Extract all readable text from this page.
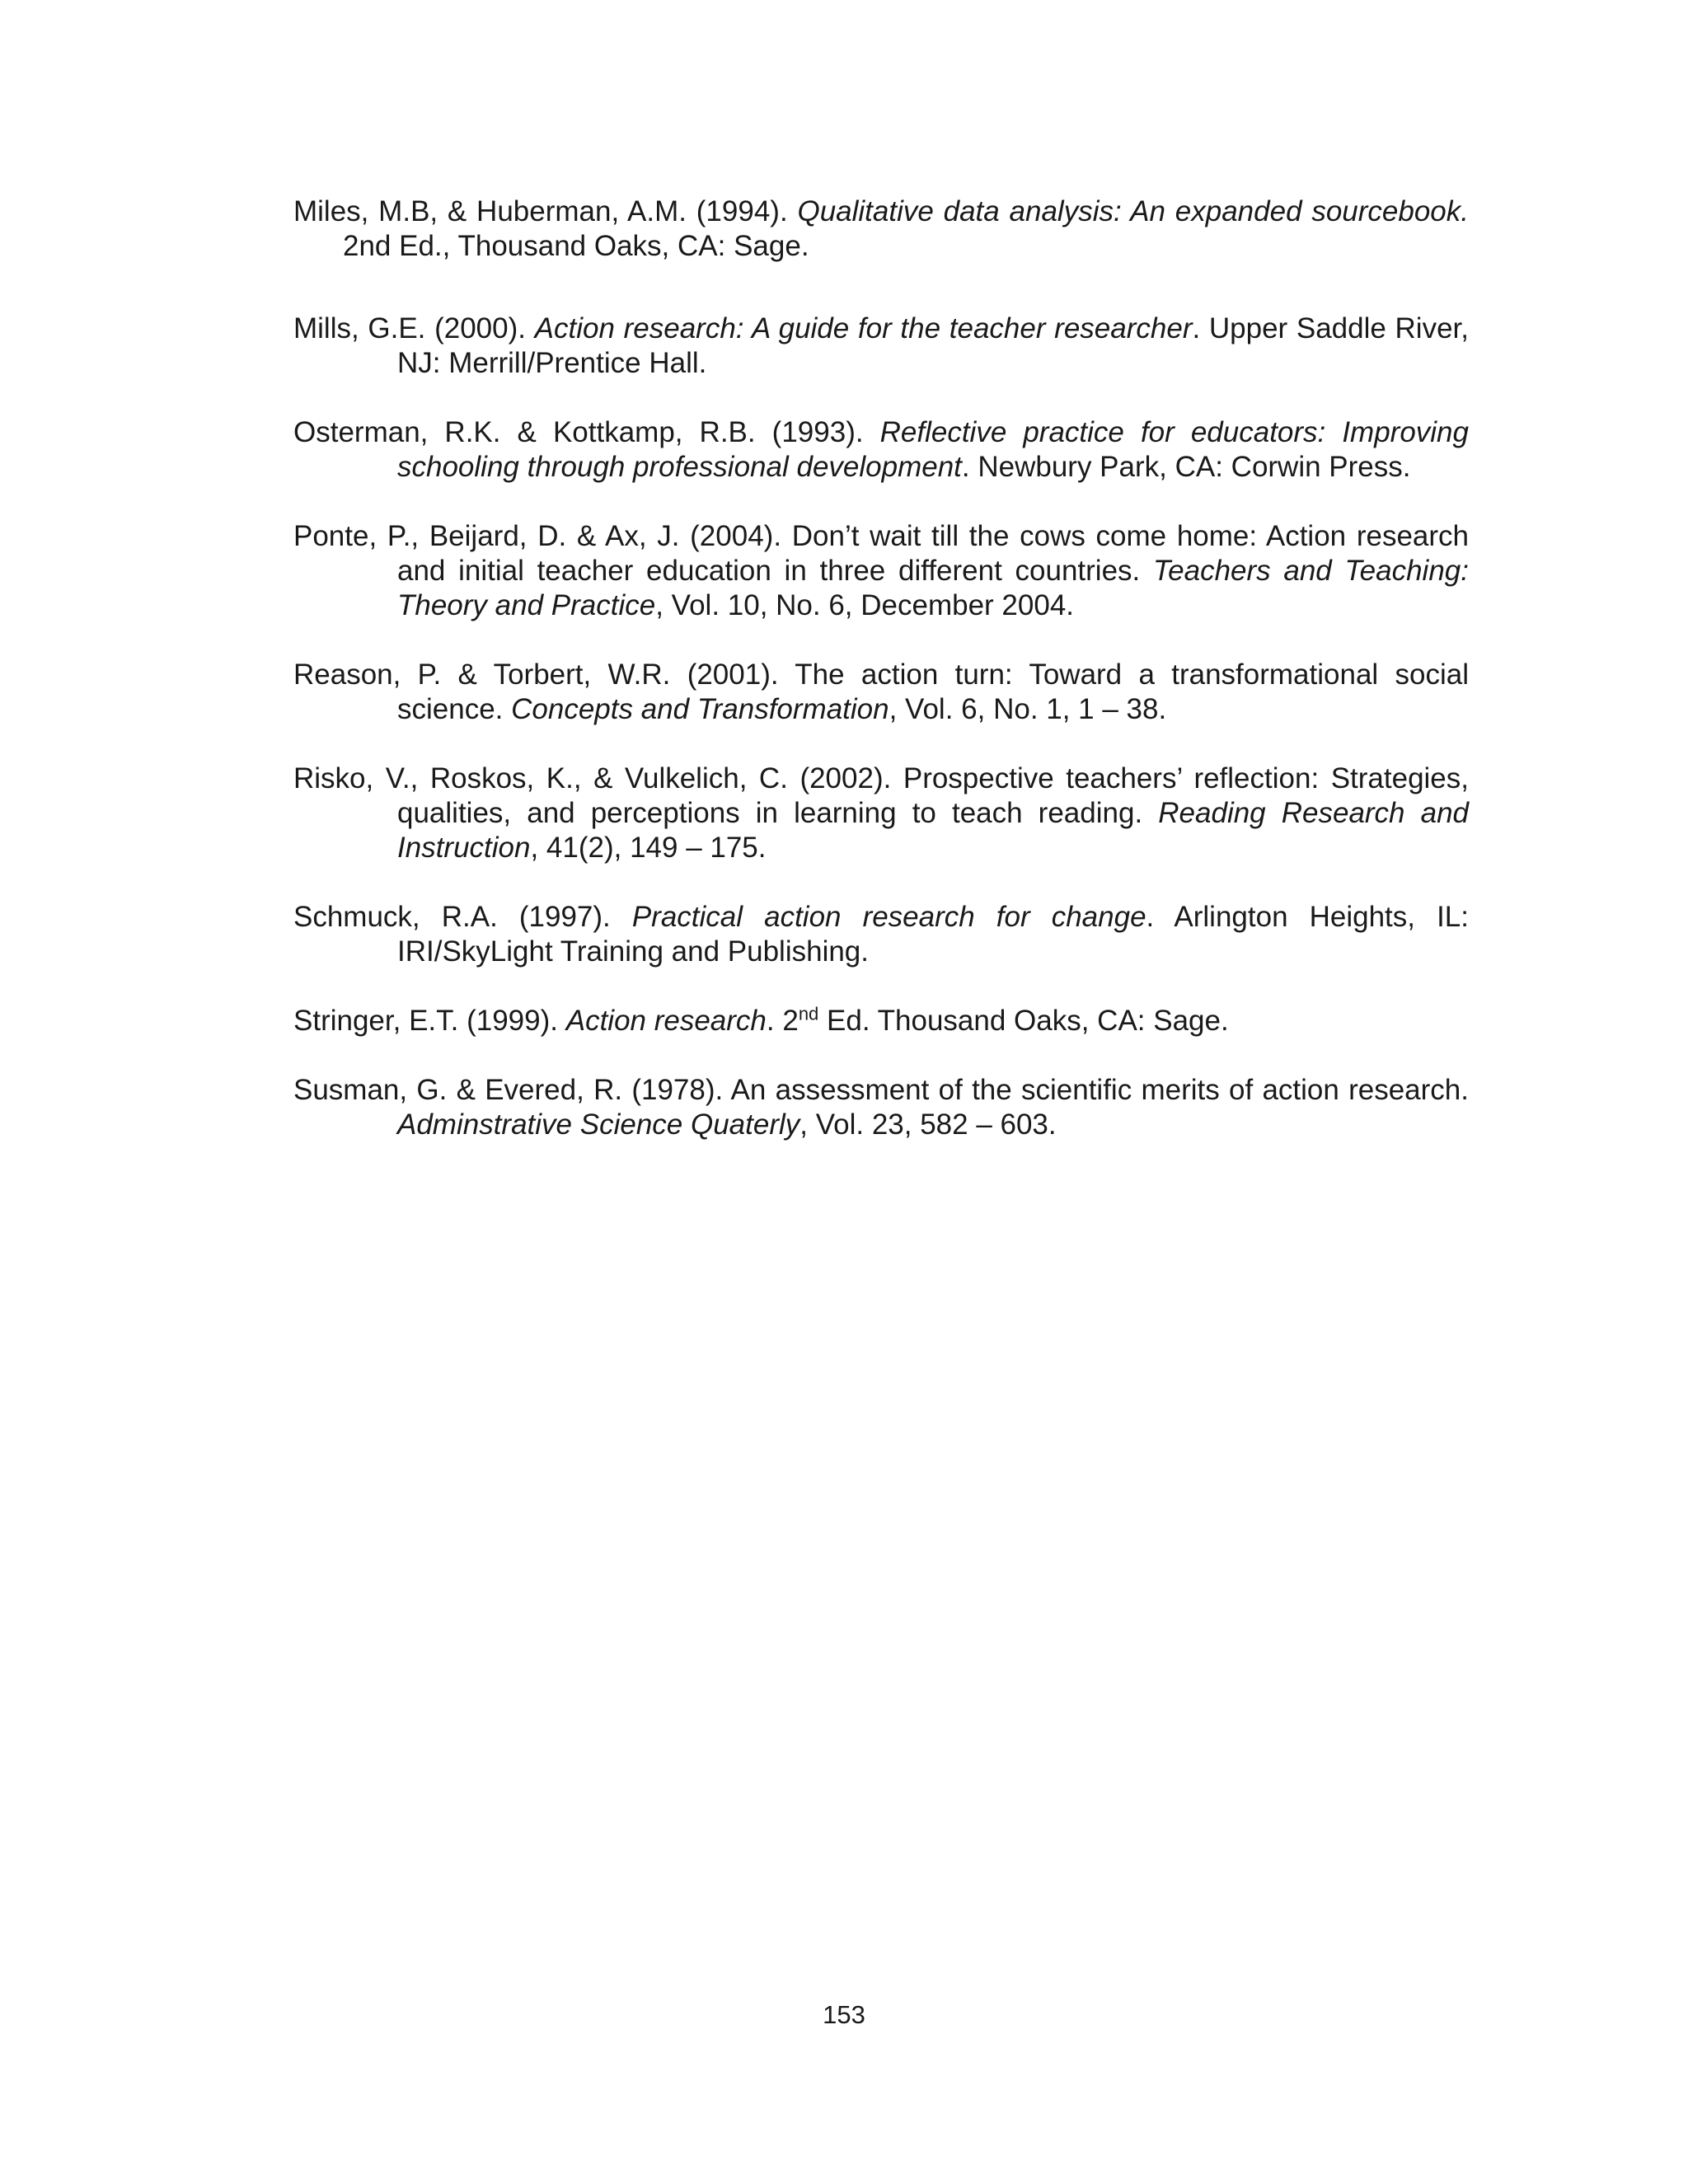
Miles, M.B, & Huberman, A.M. (1994). Qualitative data analysis: An expanded sourcebook. 2nd Ed., Thousand Oaks, CA: Sage.

Mills, G.E. (2000). Action research: A guide for the teacher researcher. Upper Saddle River, NJ: Merrill/Prentice Hall.

Osterman, R.K. & Kottkamp, R.B. (1993). Reflective practice for educators: Improving schooling through professional development. Newbury Park, CA: Corwin Press.

Ponte, P., Beijard, D. & Ax, J. (2004). Don’t wait till the cows come home: Action research and initial teacher education in three different countries. Teachers and Teaching: Theory and Practice, Vol. 10, No. 6, December 2004.

Reason, P. & Torbert, W.R. (2001). The action turn: Toward a transformational social science. Concepts and Transformation, Vol. 6, No. 1, 1 – 38.

Risko, V., Roskos, K., & Vulkelich, C. (2002). Prospective teachers’ reflection: Strategies, qualities, and perceptions in learning to teach reading. Reading Research and Instruction, 41(2), 149 – 175.

Schmuck, R.A. (1997). Practical action research for change. Arlington Heights, IL: IRI/SkyLight Training and Publishing.

Stringer, E.T. (1999). Action research. 2nd Ed. Thousand Oaks, CA: Sage.

Susman, G. & Evered, R. (1978). An assessment of the scientific merits of action research. Adminstrative Science Quaterly, Vol. 23, 582 – 603.

153
